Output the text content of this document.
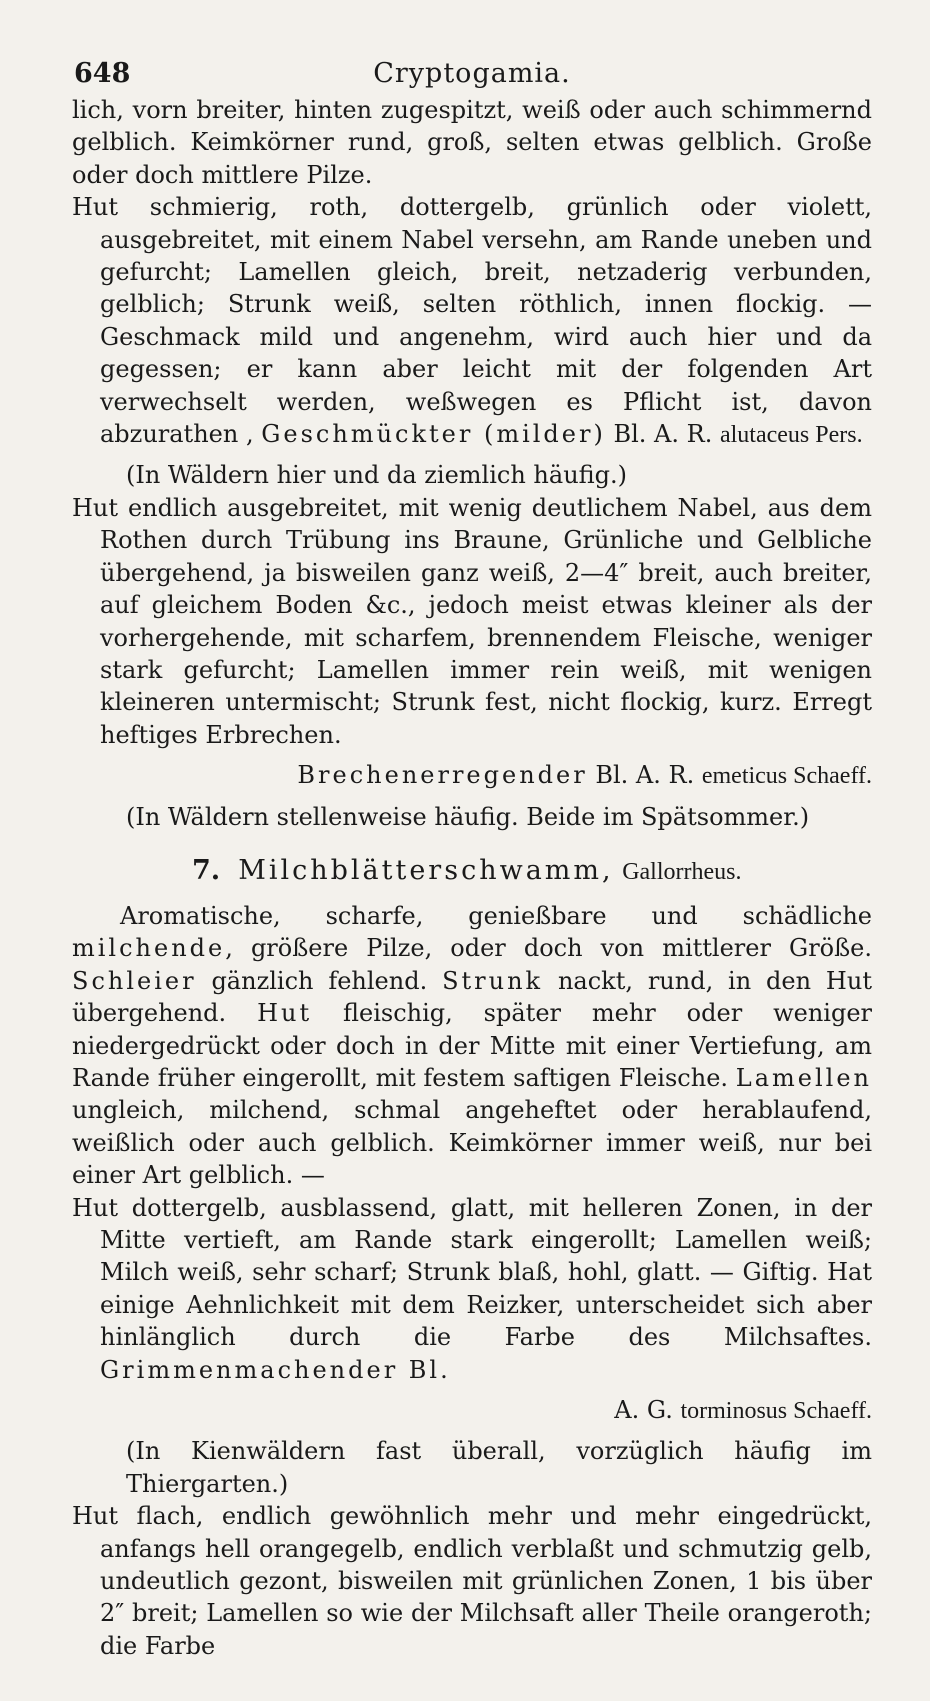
648	Cryptogamia.

lich, vorn breiter, hinten zugespitzt, weiß oder auch schimmernd gelblich. Keimkörner rund, groß, selten etwas gelblich. Große oder doch mittlere Pilze.

Hut schmierig, roth, dottergelb, grünlich oder violett, ausgebreitet, mit einem Nabel versehn, am Rande uneben und gefurcht; Lamellen gleich, breit, netzaderig verbunden, gelblich; Strunk weiß, selten röthlich, innen flockig. — Geschmack mild und angenehm, wird auch hier und da gegessen; er kann aber leicht mit der folgenden Art verwechselt werden, weßwegen es Pflicht ist, davon abzurathen , Geschmückter (milder) Bl. A. R. alutaceus Pers.

(In Wäldern hier und da ziemlich häufig.)

Hut endlich ausgebreitet, mit wenig deutlichem Nabel, aus dem Rothen durch Trübung ins Braune, Grünliche und Gelbliche übergehend, ja bisweilen ganz weiß, 2—4″ breit, auch breiter, auf gleichem Boden &c., jedoch meist etwas kleiner als der vorhergehende, mit scharfem, brennendem Fleische, weniger stark gefurcht; Lamellen immer rein weiß, mit wenigen kleineren untermischt; Strunk fest, nicht flockig, kurz. Erregt heftiges Erbrechen.

Brechenerregender Bl. A. R. emeticus Schaeff.

(In Wäldern stellenweise häufig. Beide im Spätsommer.)

7. Milchblätterschwamm, Gallorrheus.

Aromatische, scharfe, genießbare und schädliche milchende, größere Pilze, oder doch von mittlerer Größe. Schleier gänzlich fehlend. Strunk nackt, rund, in den Hut übergehend. Hut fleischig, später mehr oder weniger niedergedrückt oder doch in der Mitte mit einer Vertiefung, am Rande früher eingerollt, mit festem saftigen Fleische. Lamellen ungleich, milchend, schmal angeheftet oder herablaufend, weißlich oder auch gelblich. Keimkörner immer weiß, nur bei einer Art gelblich. —

Hut dottergelb, ausblassend, glatt, mit helleren Zonen, in der Mitte vertieft, am Rande stark eingerollt; Lamellen weiß; Milch weiß, sehr scharf; Strunk blaß, hohl, glatt. — Giftig. Hat einige Aehnlichkeit mit dem Reizker, unterscheidet sich aber hinlänglich durch die Farbe des Milchsaftes. Grimmenmachender Bl.

A. G. torminosus Schaeff.

(In Kienwäldern fast überall, vorzüglich häufig im Thiergarten.)

Hut flach, endlich gewöhnlich mehr und mehr eingedrückt, anfangs hell orangegelb, endlich verblaßt und schmutzig gelb, undeutlich gezont, bisweilen mit grünlichen Zonen, 1 bis über 2″ breit; Lamellen so wie der Milchsaft aller Theile orangeroth; die Farbe
